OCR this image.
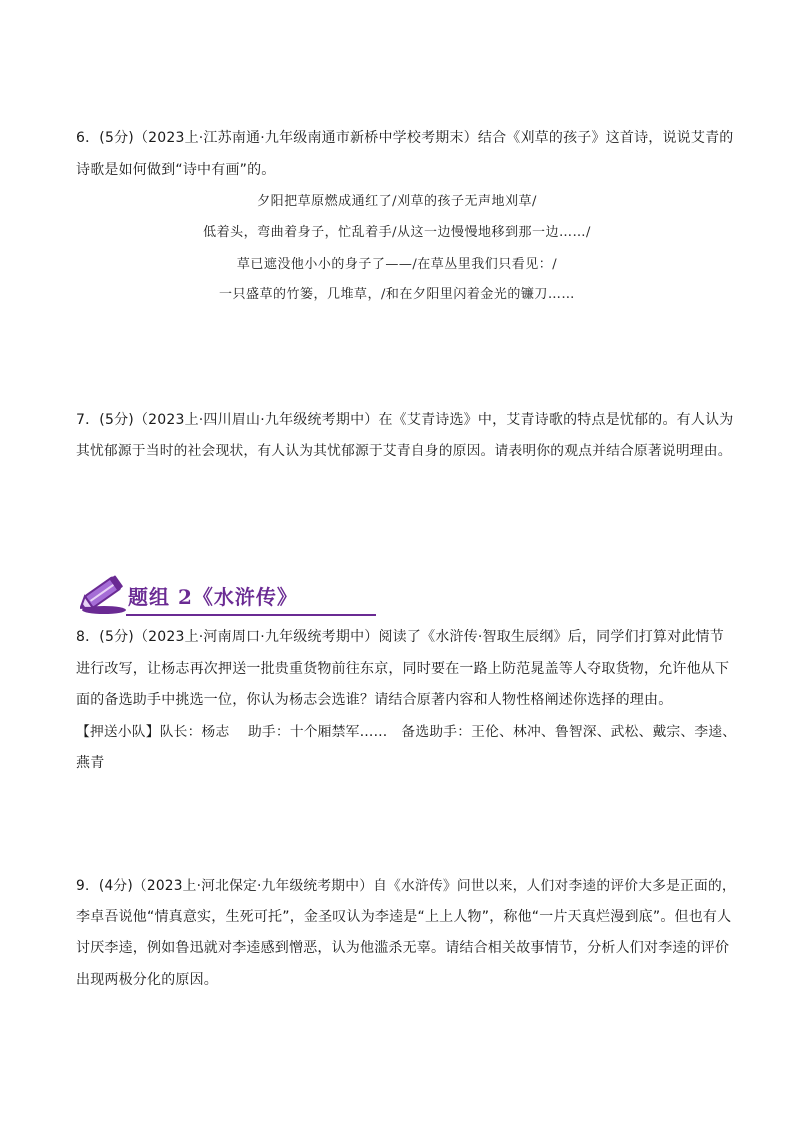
6．(5分)（2023上·江苏南通·九年级南通市新桥中学校考期末）结合《刈草的孩子》这首诗，说说艾青的
诗歌是如何做到“诗中有画”的。
夕阳把草原燃成通红了/刈草的孩子无声地刈草/
低着头，弯曲着身子，忙乱着手/从这一边慢慢地移到那一边……/
草已遮没他小小的身子了——/在草丛里我们只看见：/
一只盛草的竹篓，几堆草，/和在夕阳里闪着金光的镰刀……
7．(5分)（2023上·四川眉山·九年级统考期中）在《艾青诗选》中，艾青诗歌的特点是忧郁的。有人认为
其忧郁源于当时的社会现状，有人认为其忧郁源于艾青自身的原因。请表明你的观点并结合原著说明理由。
题组 2《水浒传》
8．(5分)（2023上·河南周口·九年级统考期中）阅读了《水浒传·智取生辰纲》后，同学们打算对此情节
进行改写，让杨志再次押送一批贵重货物前往东京，同时要在一路上防范晁盖等人夺取货物，允许他从下
面的备选助手中挑选一位，你认为杨志会选谁？请结合原著内容和人物性格阐述你选择的理由。
【押送小队】队长：杨志　 助手：十个厢禁军……　备选助手：王伦、林冲、鲁智深、武松、戴宗、李逵、
燕青
9．(4分)（2023上·河北保定·九年级统考期中）自《水浒传》问世以来，人们对李逵的评价大多是正面的，
李卓吾说他“情真意实，生死可托”，金圣叹认为李逵是“上上人物”，称他“一片天真烂漫到底”。但也有人
讨厌李逵，例如鲁迅就对李逵感到憎恶，认为他滥杀无辜。请结合相关故事情节，分析人们对李逵的评价
出现两极分化的原因。
